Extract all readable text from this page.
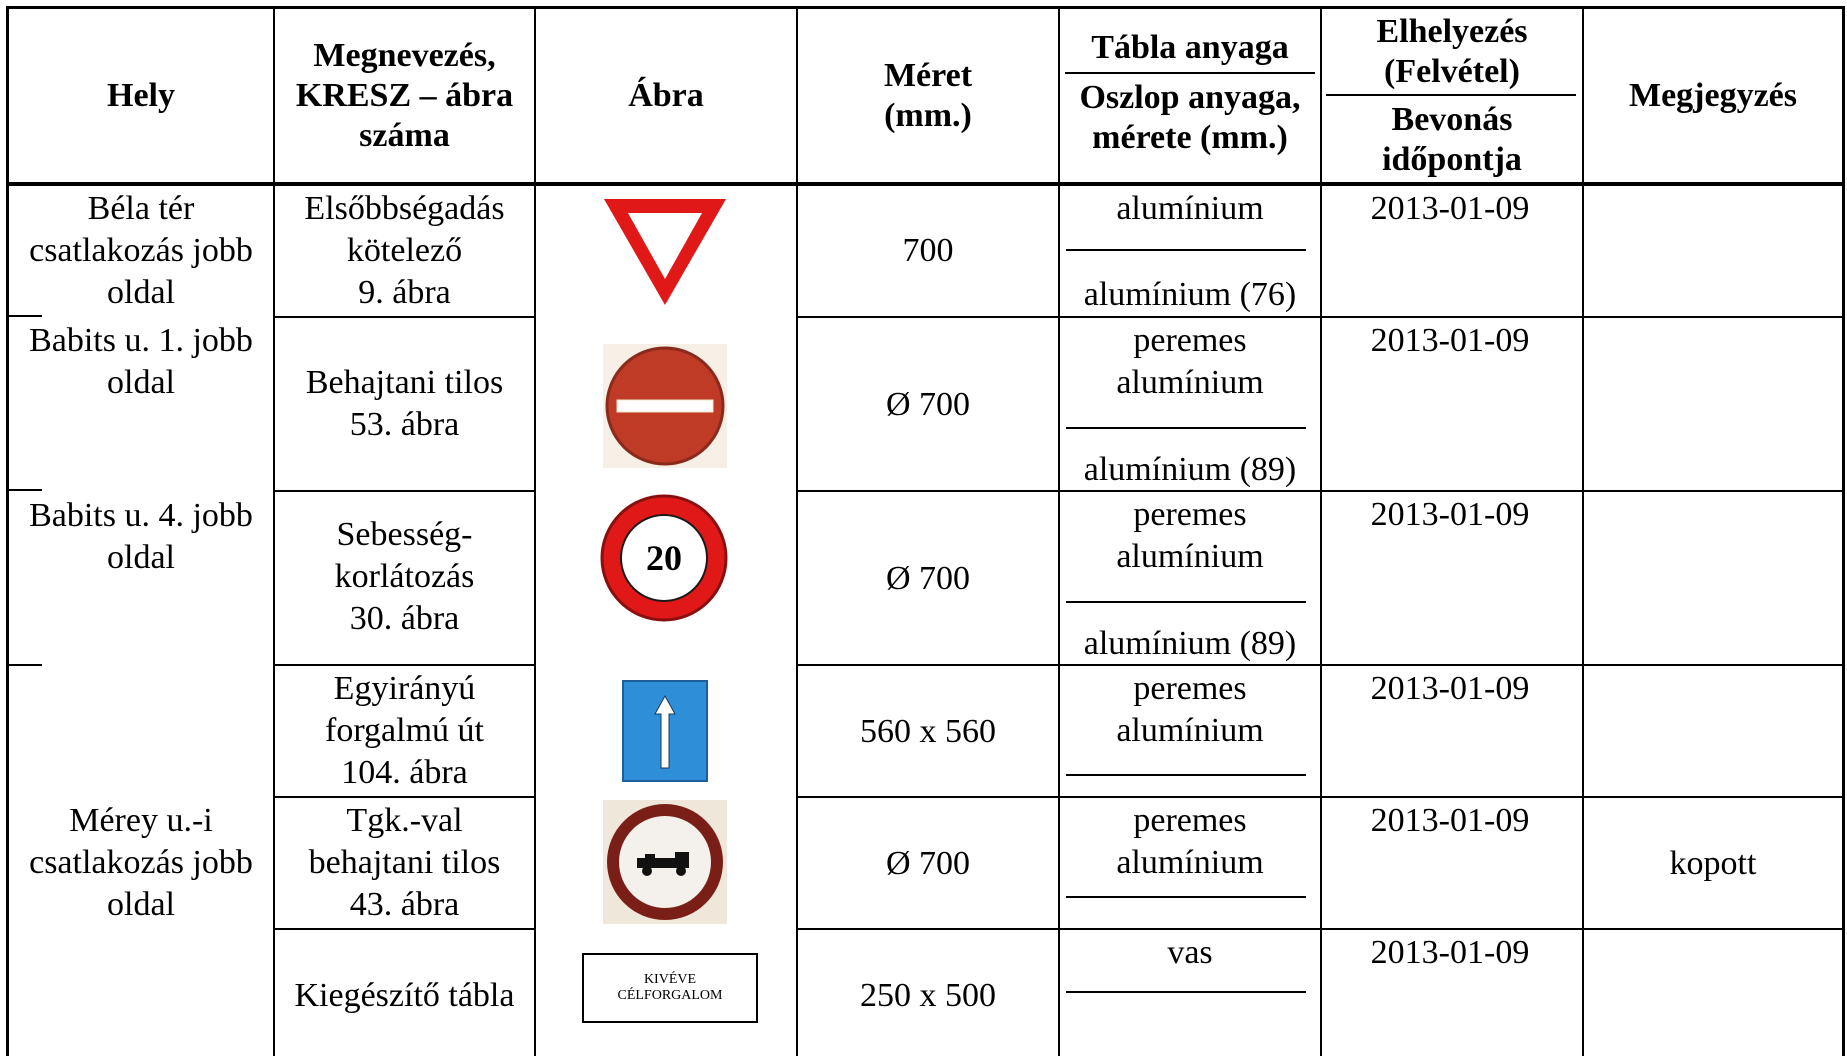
Hely
Megnevezés,
KRESZ – ábra
száma
Ábra
Méret
(mm.)
Tábla anyaga
Oszlop anyaga,
mérete (mm.)
Elhelyezés
(Felvétel)
Bevonás
időpontja
Megjegyzés
Béla tér
csatlakozás jobb
oldal
Babits u. 1. jobb
oldal
Babits u. 4. jobb
oldal
Mérey u.-i
csatlakozás jobb
oldal
Elsőbbségadás
kötelező
9. ábra
700
alumínium
alumínium (76)
2013-01-09
Behajtani tilos
53. ábra
Ø 700
peremes
alumínium
alumínium (89)
2013-01-09
Sebesség-
korlátozás
30. ábra
Ø 700
peremes
alumínium
alumínium (89)
2013-01-09
Egyirányú
forgalmú út
104. ábra
560 x 560
peremes
alumínium
2013-01-09
Tgk.-val
behajtani tilos
43. ábra
Ø 700
peremes
alumínium
2013-01-09
kopott
Kiegészítő tábla	250 x 500
vas	2013-01-09
20
KIVÉVE
CÉLFORGALOM
